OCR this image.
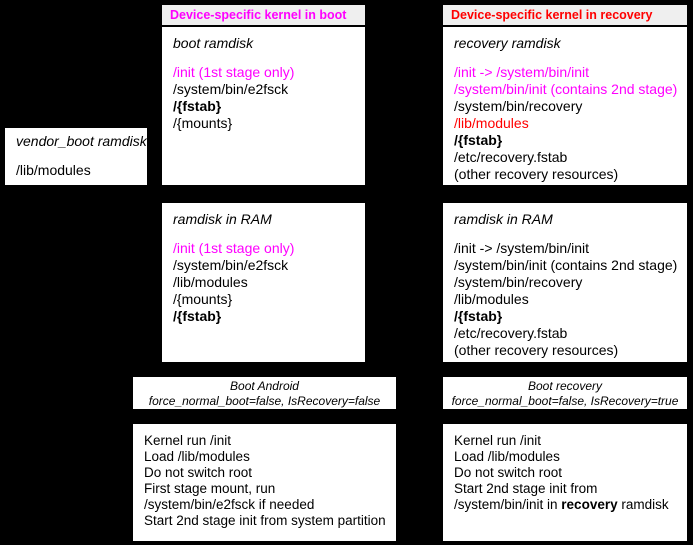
Device-specific kernel in boot	Device-specific kernel in recovery
vendor_boot ramdisk
/lib/modules
boot ramdisk
/init (1st stage only)
/system/bin/e2fsck
/{fstab}
/{mounts}
recovery ramdisk
/init -> /system/bin/init
/system/bin/init (contains 2nd stage)
/system/bin/recovery
/lib/modules
/{fstab}
/etc/recovery.fstab
(other recovery resources)
ramdisk in RAM
/init (1st stage only)
/system/bin/e2fsck
/lib/modules
/{mounts}
/{fstab}
ramdisk in RAM
/init -> /system/bin/init
/system/bin/init (contains 2nd stage)
/system/bin/recovery
/lib/modules
/{fstab}
/etc/recovery.fstab
(other recovery resources)
Boot Android
force_normal_boot=false, IsRecovery=false
Boot recovery
force_normal_boot=false, IsRecovery=true
Kernel run /init
Load /lib/modules
Do not switch root
First stage mount, run
/system/bin/e2fsck if needed
Start 2nd stage init from system partition
Kernel run /init
Load /lib/modules
Do not switch root
Start 2nd stage init from
/system/bin/init in recovery ramdisk
